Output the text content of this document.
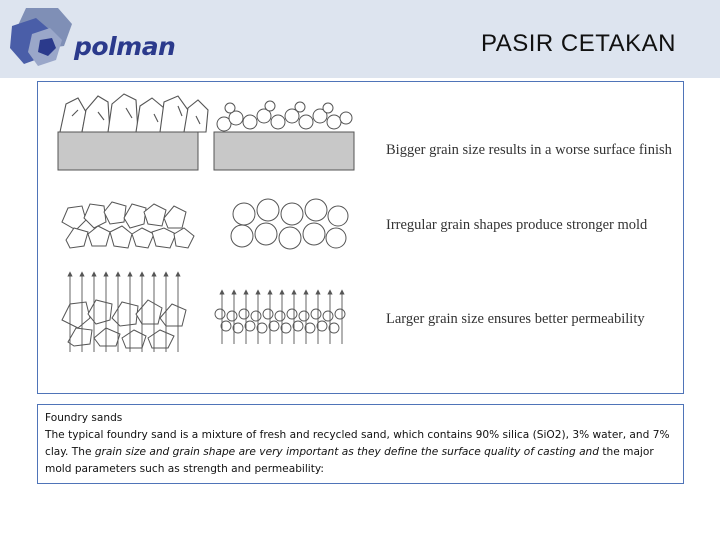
polman	PASIR CETAKAN
Bigger grain size results in a worse surface finish
Irregular grain shapes produce stronger mold
Larger grain size ensures better permeability

Foundry sands
The typical foundry sand is a mixture of fresh and recycled sand, which contains 90% silica (SiO2), 3% water, and 7% clay. The grain size and grain shape are very important as they define the surface quality of casting and the major mold parameters such as strength and permeability:
